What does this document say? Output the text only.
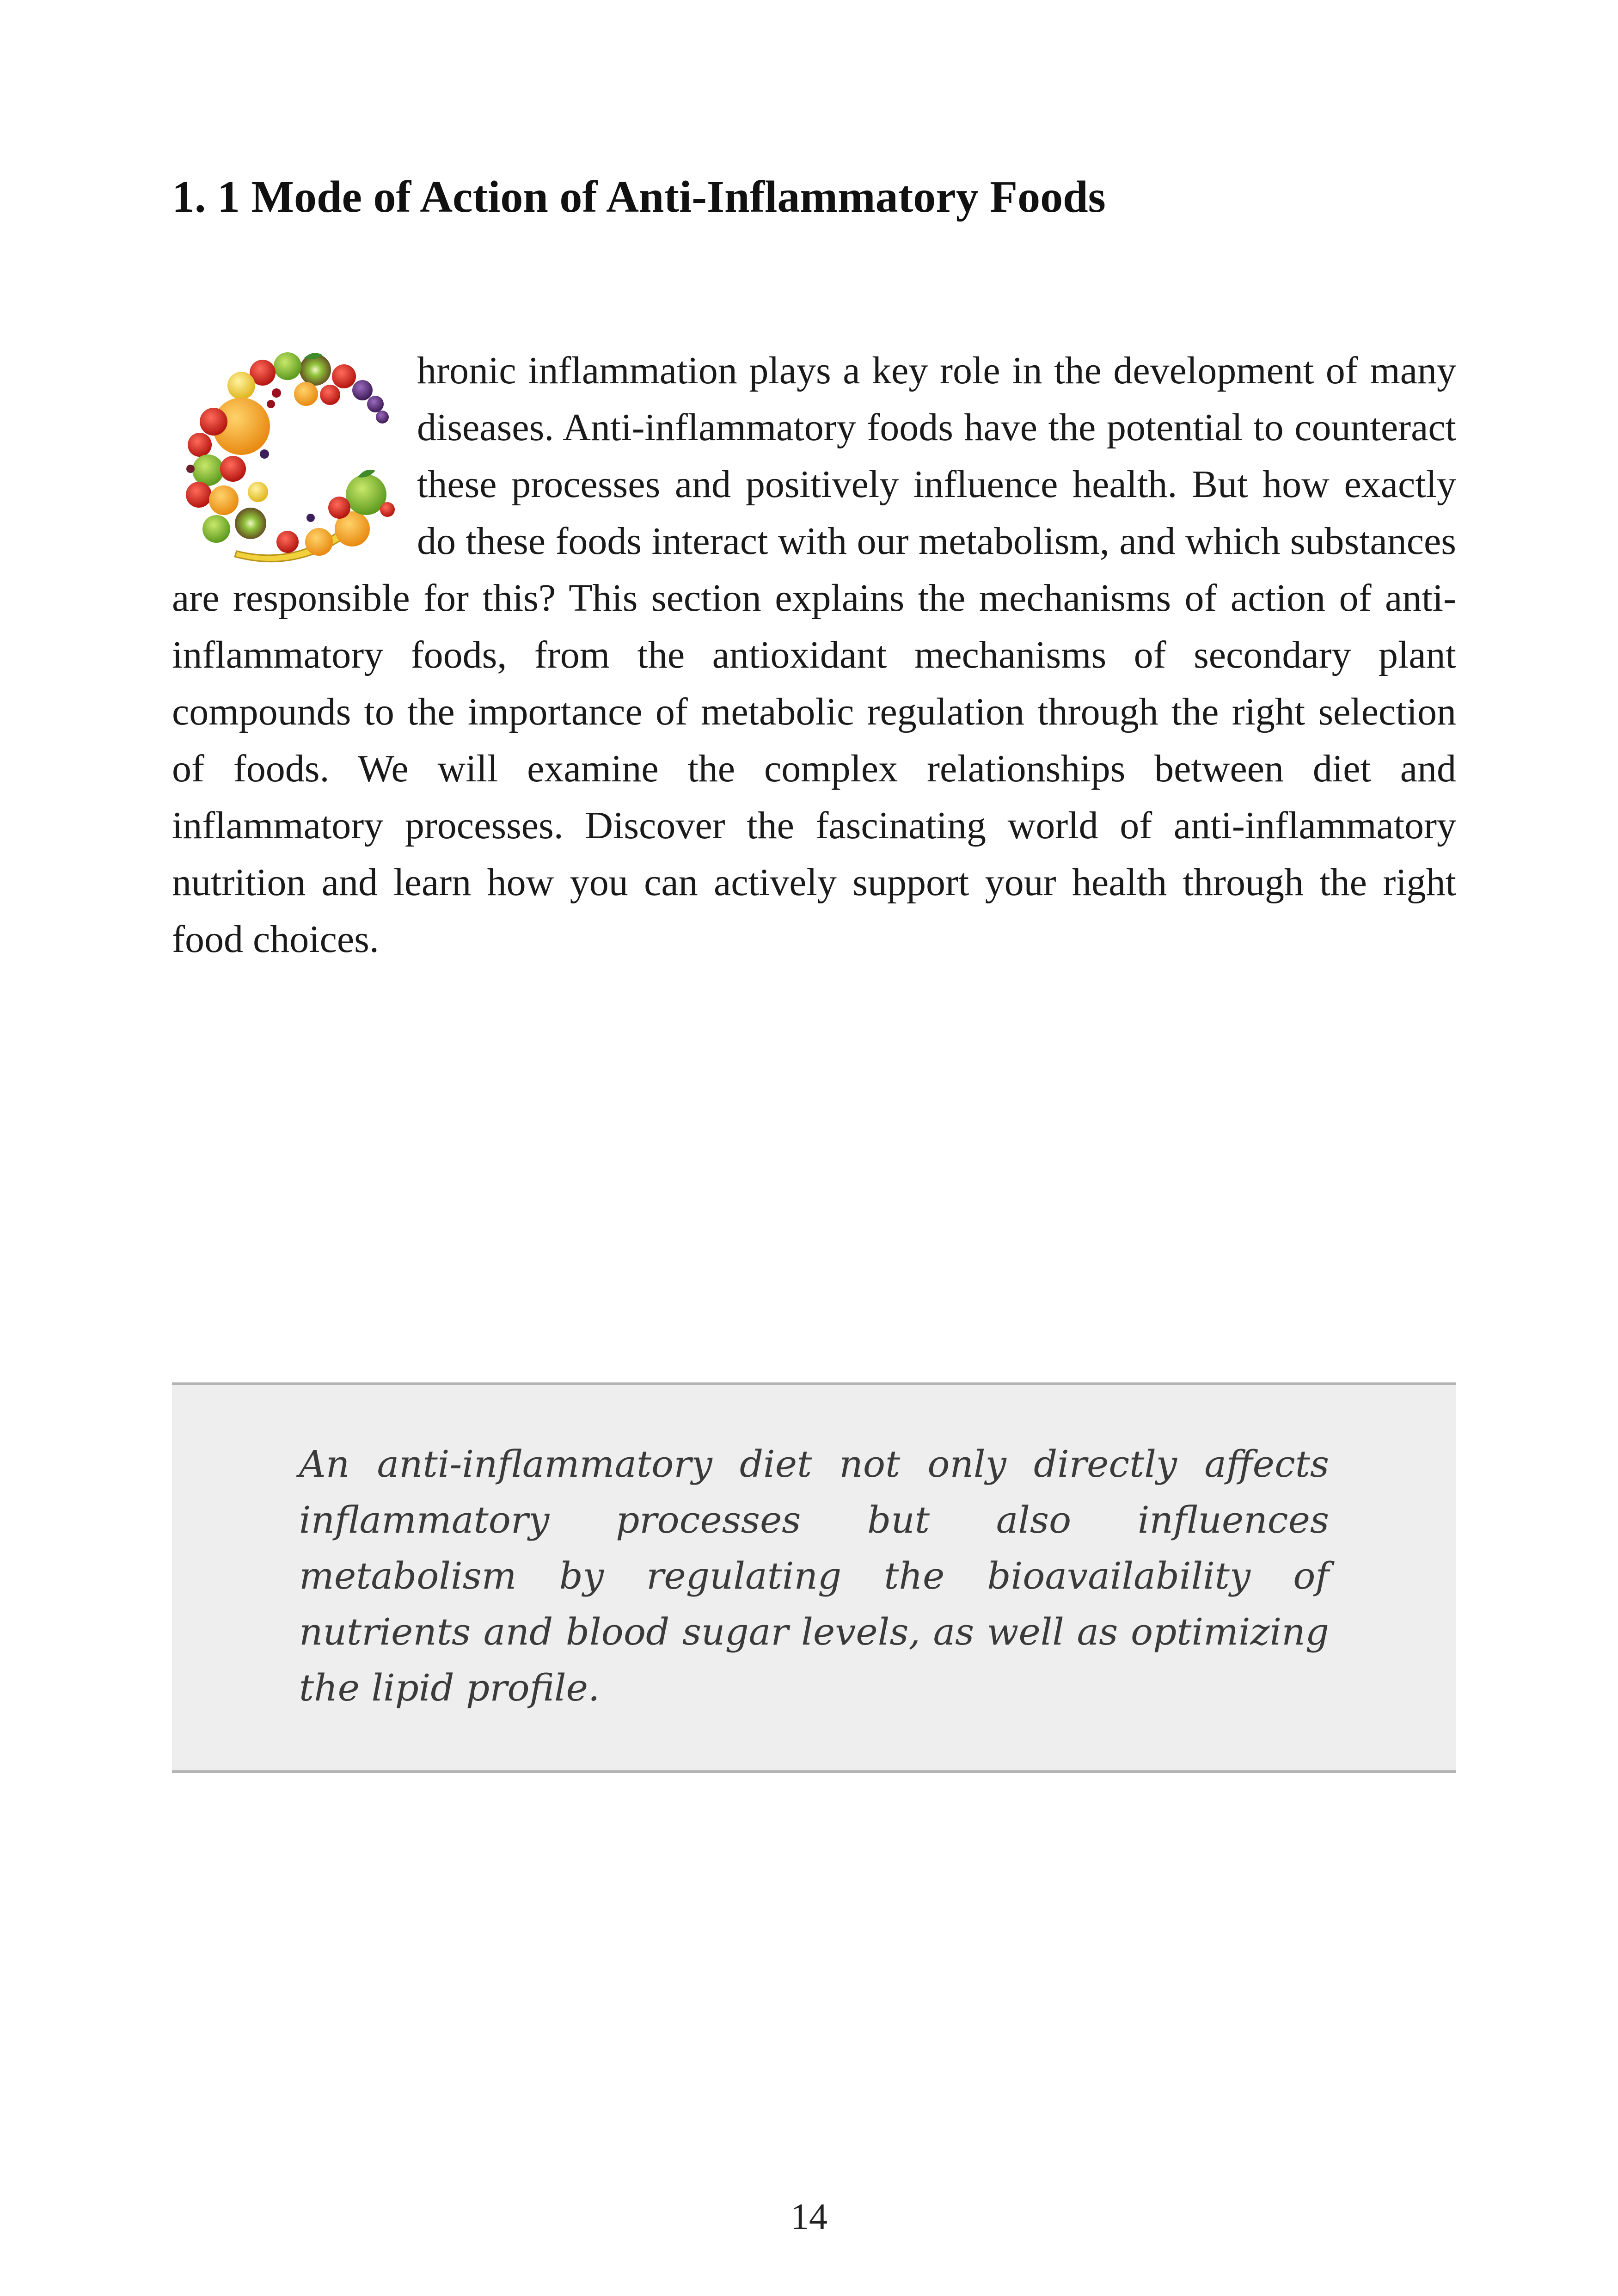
1. 1 Mode of Action of Anti-Inflammatory Foods
hronic inflammation plays a key role in the development of many diseases. Anti-inflammatory foods have the potential to counteract these processes and positively influence health. But how exactly do these foods interact with our metabolism, and which substances are responsible for this? This section explains the mechanisms of action of anti-inflammatory foods, from the antioxidant mechanisms of secondary plant compounds to the importance of metabolic regulation through the right selection of foods. We will examine the complex relationships between diet and inflammatory processes. Discover the fascinating world of anti-inflammatory nutrition and learn how you can actively support your health through the right food choices.

An anti-inflammatory diet not only directly affects inflammatory processes but also influences metabolism by regulating the bioavailability of nutrients and blood sugar levels, as well as optimizing the lipid profile.

14
